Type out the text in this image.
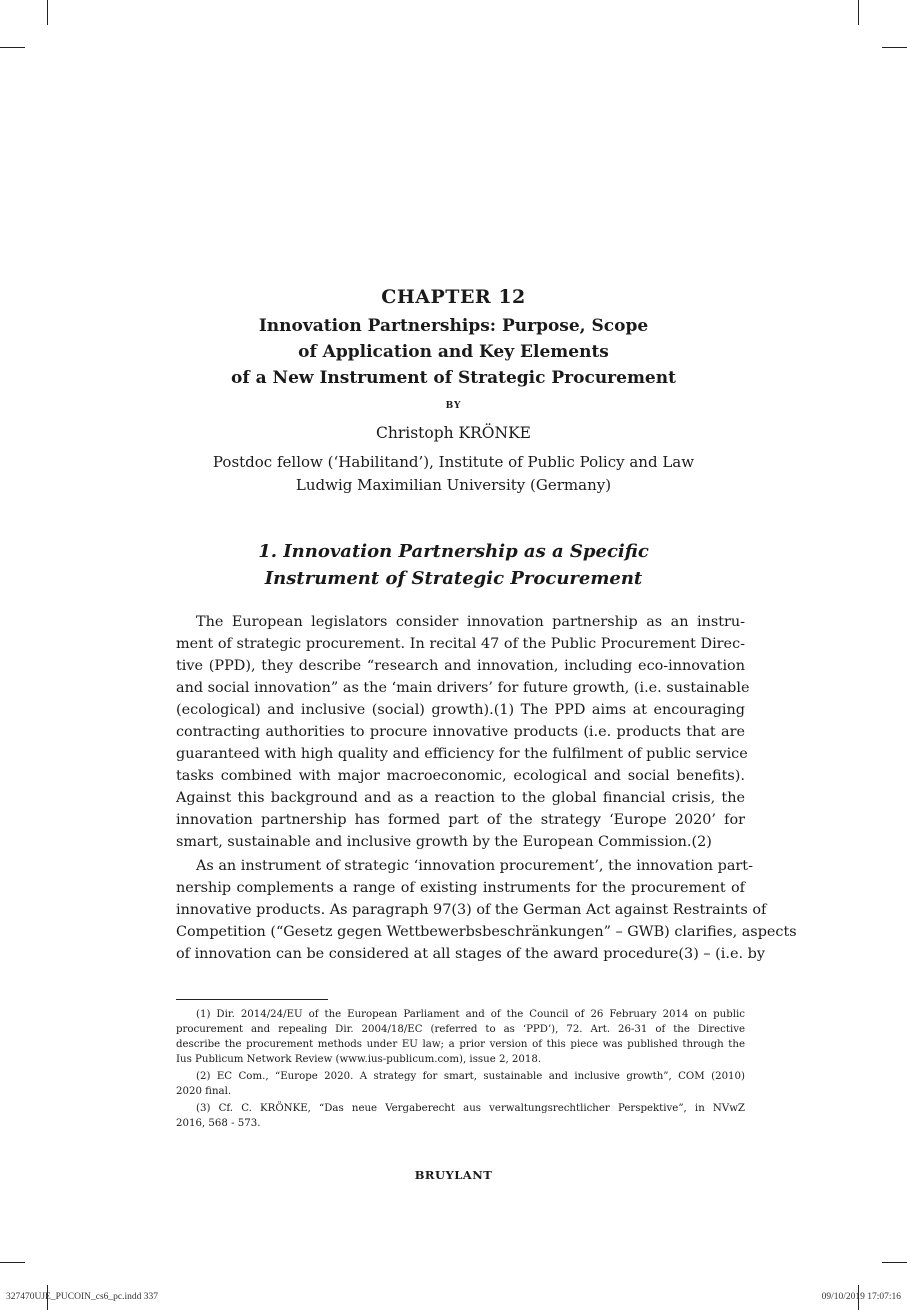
CHAPTER 12
Innovation Partnerships: Purpose, Scope
of Application and Key Elements
of a New Instrument of Strategic Procurement
BY
Christoph KRÖNKE
Postdoc fellow (‘Habilitand’), Institute of Public Policy and Law
Ludwig Maximilian University (Germany)
1. Innovation Partnership as a Specific
Instrument of Strategic Procurement
The European legislators consider innovation partnership as an instru-
ment of strategic procurement. In recital 47 of the Public Procurement Direc-
tive (PPD), they describe “research and innovation, including eco-innovation
and social innovation” as the ‘main drivers’ for future growth, (i.e. sustainable
(ecological) and inclusive (social) growth).(1) The PPD aims at encouraging
contracting authorities to procure innovative products (i.e. products that are
guaranteed with high quality and efficiency for the fulfilment of public service
tasks combined with major macroeconomic, ecological and social benefits).
Against this background and as a reaction to the global financial crisis, the
innovation partnership has formed part of the strategy ‘Europe 2020’ for
smart, sustainable and inclusive growth by the European Commission.(2)
As an instrument of strategic ‘innovation procurement’, the innovation part-
nership complements a range of existing instruments for the procurement of
innovative products. As paragraph 97(3) of the German Act against Restraints of
Competition (“Gesetz gegen Wettbewerbsbeschränkungen” – GWB) clarifies, aspects
of innovation can be considered at all stages of the award procedure(3) – (i.e. by
(1) Dir. 2014/24/EU of the European Parliament and of the Council of 26 February 2014 on public
procurement and repealing Dir. 2004/18/EC (referred to as ‘PPD’), 72. Art. 26-31 of the Directive
describe the procurement methods under EU law; a prior version of this piece was published through the
Ius Publicum Network Review (www.ius-publicum.com), issue 2, 2018.
(2) EC Com., “Europe 2020. A strategy for smart, sustainable and inclusive growth”, COM (2010)
2020 final.
(3) Cf. C. KRÖNKE, “Das neue Vergaberecht aus verwaltungsrechtlicher Perspektive”, in NVwZ
2016, 568 - 573.
BRUYLANT
327470UJE_PUCOIN_cs6_pc.indd 337	09/10/2019 17:07:16
